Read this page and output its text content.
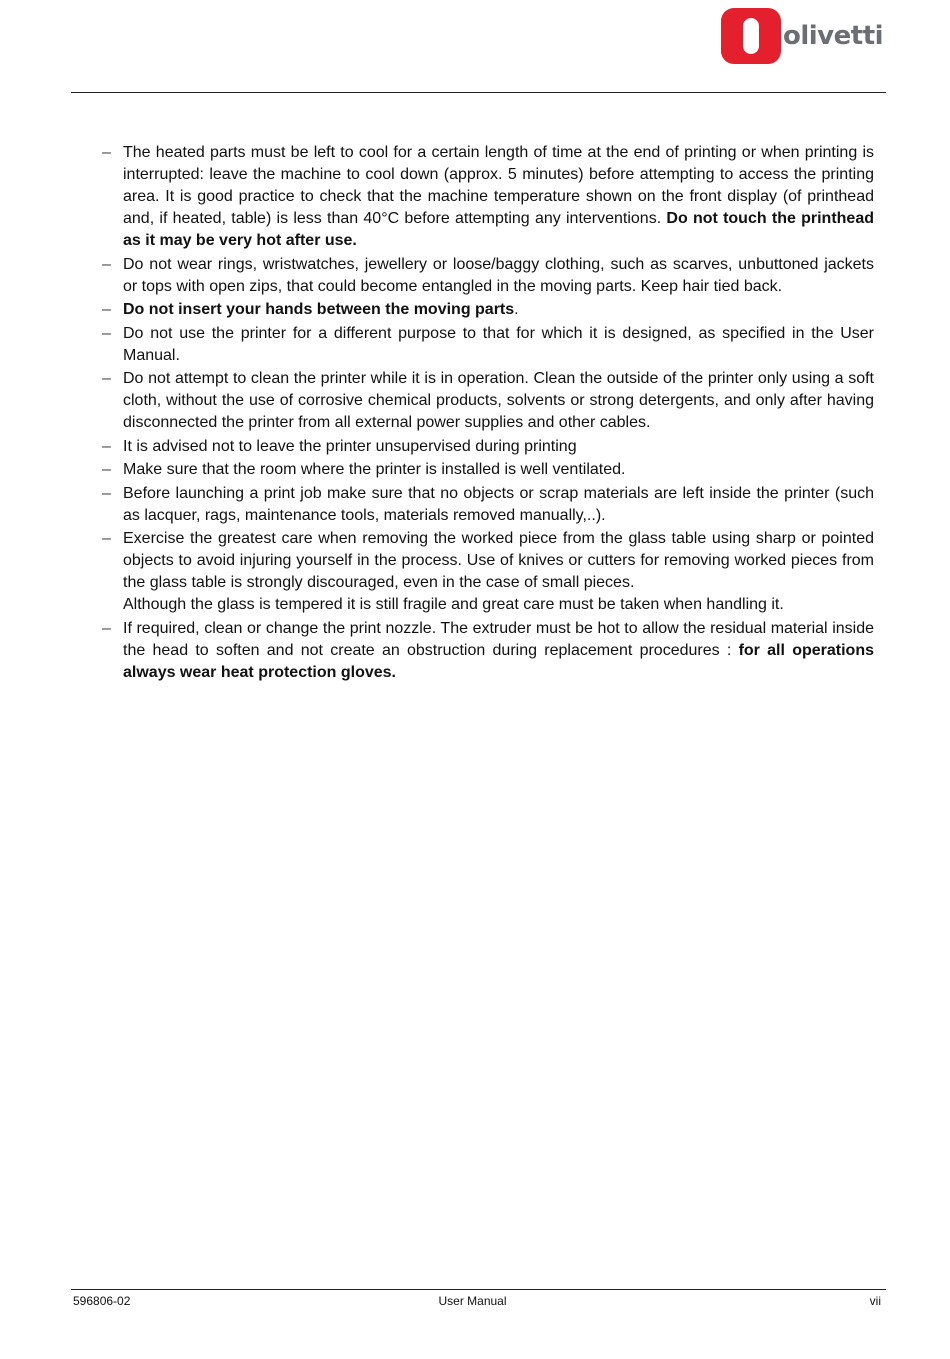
olivetti
– The heated parts must be left to cool for a certain length of time at the end of printing or when printing is interrupted: leave the machine to cool down (approx. 5 minutes) before attempting to access the printing area. It is good practice to check that the machine temperature shown on the front display (of printhead and, if heated, table) is less than 40°C before attempting any interventions. Do not touch the printhead as it may be very hot after use.

– Do not wear rings, wristwatches, jewellery or loose/baggy clothing, such as scarves, unbuttoned jackets or tops with open zips, that could become entangled in the moving parts. Keep hair tied back.

– Do not insert your hands between the moving parts.

– Do not use the printer for a different purpose to that for which it is designed, as specified in the User Manual.

– Do not attempt to clean the printer while it is in operation. Clean the outside of the printer only using a soft cloth, without the use of corrosive chemical products, solvents or strong detergents, and only after having disconnected the printer from all external power supplies and other cables.

– It is advised not to leave the printer unsupervised during printing

– Make sure that the room where the printer is installed is well ventilated.

– Before launching a print job make sure that no objects or scrap materials are left inside the printer (such as lacquer, rags, maintenance tools, materials removed manually,..).

– Exercise the greatest care when removing the worked piece from the glass table using sharp or pointed objects to avoid injuring yourself in the process. Use of knives or cutters for removing worked pieces from the glass table is strongly discouraged, even in the case of small pieces.

Although the glass is tempered it is still fragile and great care must be taken when handling it.

– If required, clean or change the print nozzle. The extruder must be hot to allow the residual material inside the head to soften and not create an obstruction during replacement procedures : for all operations always wear heat protection gloves.

596806-02	User Manual	vii
